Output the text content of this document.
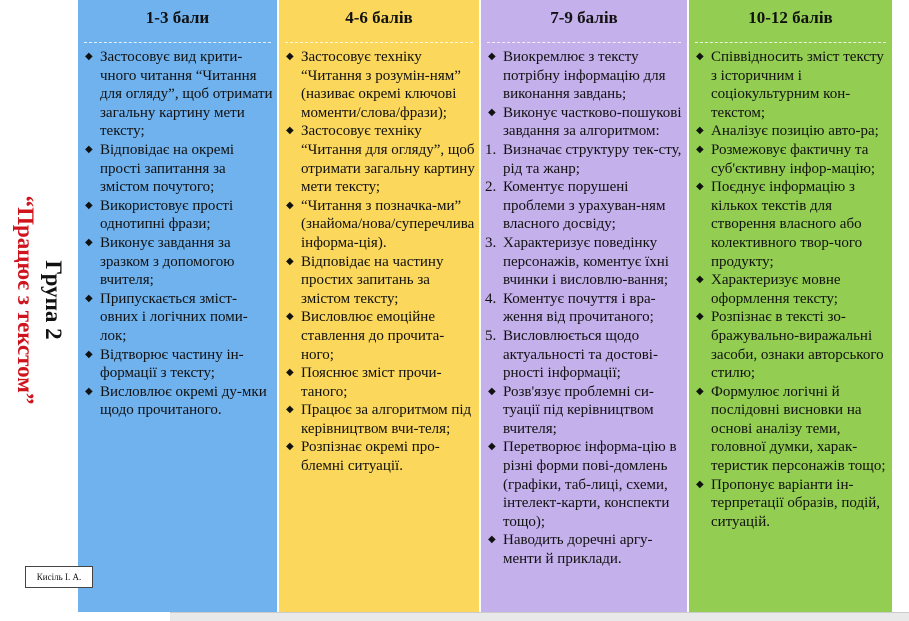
Група 2
“Працює з текстом”
Кисіль І. А.
1-3 бали
◆ Застосовує вид крити-чного читання “Читання для огляду”, щоб отримати загальну картину мети тексту;
◆ Відповідає на окремі прості запитання за змістом почутого;
◆ Використовує прості однотипні фрази;
◆ Виконує завдання за зразком з допомогою вчителя;
◆ Припускається зміст-овних і логічних поми-лок;
◆ Відтворює частину ін-формації з тексту;
◆ Висловлює окремі ду-мки щодо прочитаного.
4-6 балів
◆ Застосовує техніку “Читання з розумін-ням” (називає окремі ключові моменти/слова/фрази);
◆ Застосовує техніку “Читання для огляду”, щоб отримати загальну картину мети тексту;
◆ “Читання з позначка-ми” (знайома/нова/суперечлива інформа-ція).
◆ Відповідає на частину простих запитань за змістом тексту;
◆ Висловлює емоційне ставлення до прочита-ного;
◆ Пояснює зміст прочи-таного;
◆ Працює за алгоритмом під керівництвом вчи-теля;
◆ Розпізнає окремі про-блемні ситуації.
7-9 балів
◆ Виокремлює з тексту потрібну інформацію для виконання завдань;
◆ Виконує частково-пошукові завдання за алгоритмом:
1. Визначає структуру тек-сту, рід та жанр;
2. Коментує порушені проблеми з урахуван-ням власного досвіду;
3. Характеризує поведінку персонажів, коментує їхні вчинки і висловлю-вання;
4. Коментує почуття і вра-ження від прочитаного;
5. Висловлюється щодо актуальності та достові-рності інформації;
◆ Розв'язує проблемні си-туації під керівництвом вчителя;
◆ Перетворює інформа-цію в різні форми пові-домлень (графіки, таб-лиці, схеми, інтелект-карти, конспекти тощо);
◆ Наводить доречні аргу-менти й приклади.
10-12 балів
◆ Співвідносить зміст тексту з історичним і соціокультурним кон-текстом;
◆ Аналізує позицію авто-ра;
◆ Розмежовує фактичну та суб'єктивну інфор-мацію;
◆ Поєднує інформацію з кількох текстів для створення власного або колективного твор-чого продукту;
◆ Характеризує мовне оформлення тексту;
◆ Розпізнає в тексті зо-бражувально-виражальні засоби, ознаки авторського стилю;
◆ Формулює логічні й послідовні висновки на основі аналізу теми, головної думки, харак-теристик персонажів тощо;
◆ Пропонує варіанти ін-терпретації образів, подій, ситуацій.
